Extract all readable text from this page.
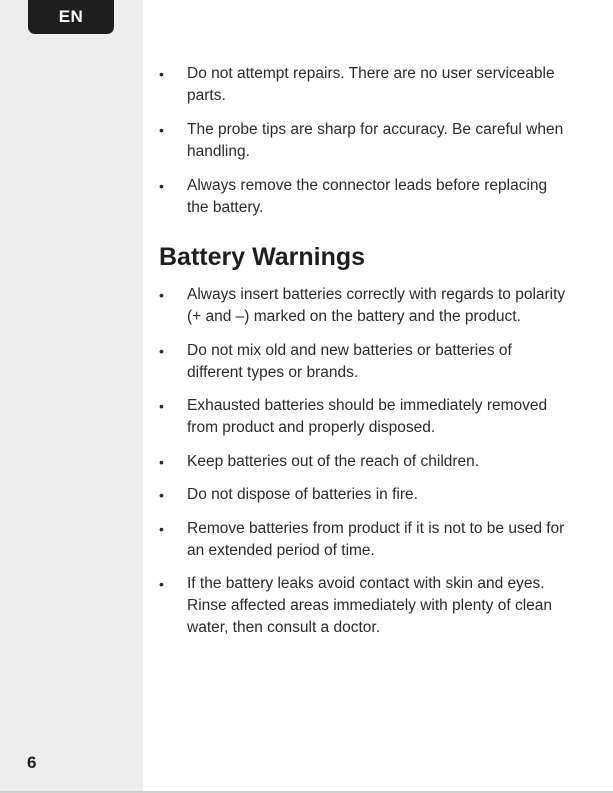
EN
6
• Do not attempt repairs. There are no user serviceable parts.
• The probe tips are sharp for accuracy. Be careful when handling.
• Always remove the connector leads before replacing the battery.
Battery Warnings
• Always insert batteries correctly with regards to polarity (+ and –) marked on the battery and the product.
• Do not mix old and new batteries or batteries of different types or brands.
• Exhausted batteries should be immediately removed from product and properly disposed.
• Keep batteries out of the reach of children.
• Do not dispose of batteries in fire.
• Remove batteries from product if it is not to be used for an extended period of time.
• If the battery leaks avoid contact with skin and eyes. Rinse affected areas immediately with plenty of clean water, then consult a doctor.
